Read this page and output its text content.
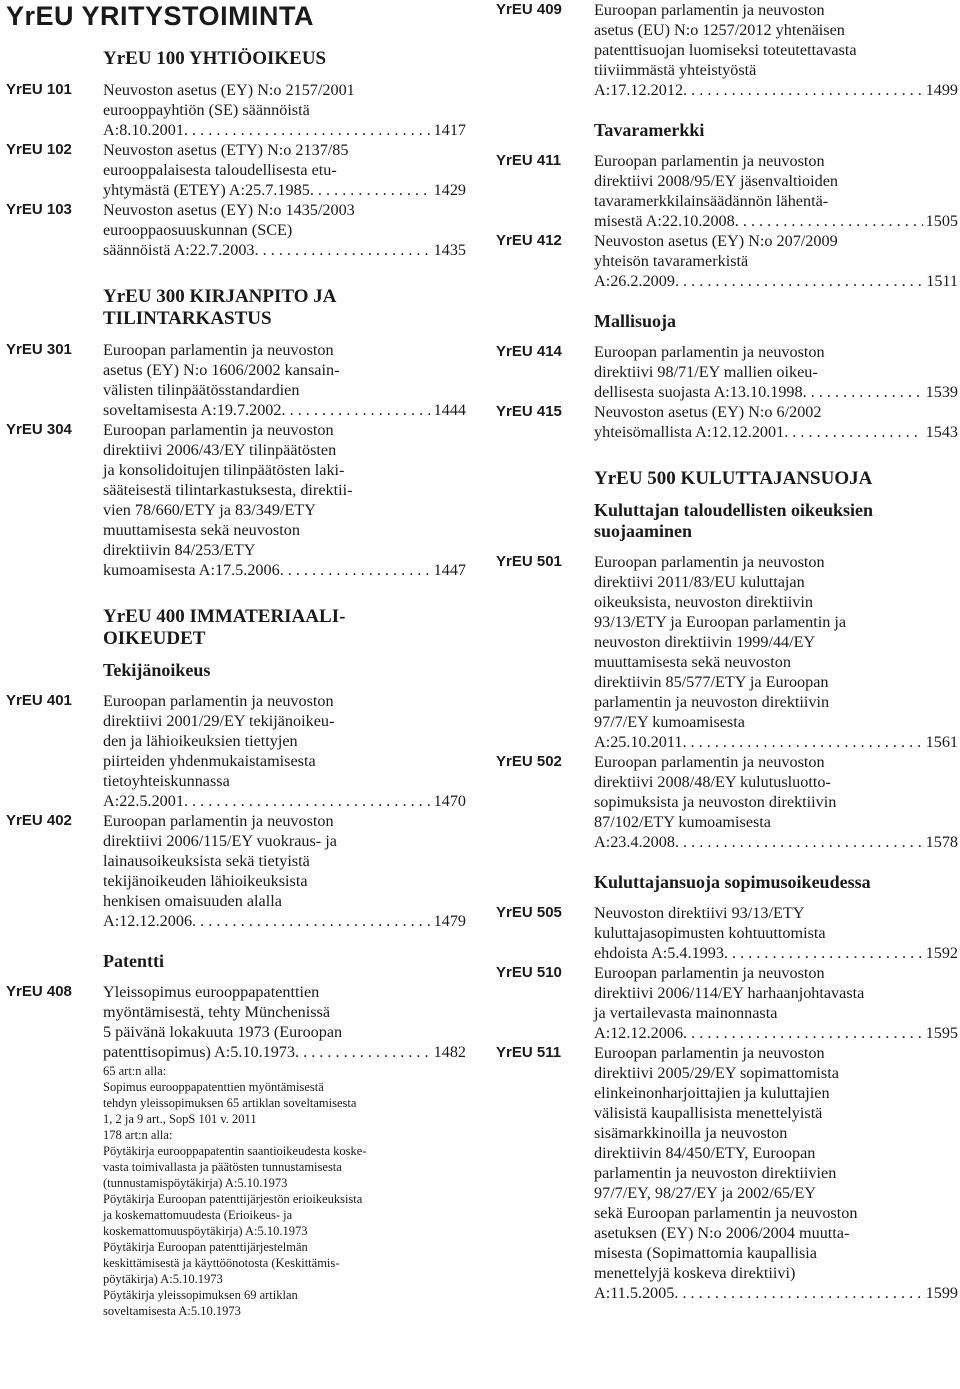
YrEU YRITYSTOIMINTA
YrEU 100 YHTIÖOIKEUS
YrEU 101	Neuvoston asetus (EY) N:o 2157/2001
eurooppayhtiön (SE) säännöistä
A:8.10.2001 . . .	1417
YrEU 102	Neuvoston asetus (ETY) N:o 2137/85
eurooppalaisesta taloudellisesta etu-
yhtymästä (ETEY) A:25.7.1985 . . .	1429
YrEU 103	Neuvoston asetus (EY) N:o 1435/2003
eurooppaosuuskunnan (SCE)
säännöistä A:22.7.2003 . . .	1435
YrEU 300 KIRJANPITO JA
TILINTARKASTUS
YrEU 301	Euroopan parlamentin ja neuvoston
asetus (EY) N:o 1606/2002 kansain-
välisten tilinpäätösstandardien
soveltamisesta A:19.7.2002 . . .	1444
YrEU 304	Euroopan parlamentin ja neuvoston
direktiivi 2006/43/EY tilinpäätösten
ja konsolidoitujen tilinpäätösten laki-
sääteisestä tilintarkastuksesta, direktii-
vien 78/660/ETY ja 83/349/ETY
muuttamisesta sekä neuvoston
direktiivin 84/253/ETY
kumoamisesta A:17.5.2006 . . .	1447
YrEU 400 IMMATERIAALI-
OIKEUDET
Tekijänoikeus
YrEU 401	Euroopan parlamentin ja neuvoston
direktiivi 2001/29/EY tekijänoikeu-
den ja lähioikeuksien tiettyjen
piirteiden yhdenmukaistamisesta
tietoyhteiskunnassa
A:22.5.2001 . . .	1470
YrEU 402	Euroopan parlamentin ja neuvoston
direktiivi 2006/115/EY vuokraus- ja
lainausoikeuksista sekä tietyistä
tekijänoikeuden lähioikeuksista
henkisen omaisuuden alalla
A:12.12.2006 . . .	1479
Patentti
YrEU 408	Yleissopimus eurooppapatenttien
myöntämisestä, tehty Münchenissä
5 päivänä lokakuuta 1973 (Euroopan
patenttisopimus) A:5.10.1973 . . .	1482
65 art:n alla:
Sopimus eurooppapatenttien myöntämisestä
tehdyn yleissopimuksen 65 artiklan soveltamisesta
1, 2 ja 9 art., SopS 101 v. 2011
178 art:n alla:
Pöytäkirja eurooppapatentin saantioikeudesta koske-
vasta toimivallasta ja päätösten tunnustamisesta
(tunnustamispöytäkirja) A:5.10.1973
Pöytäkirja Euroopan patenttijärjestön erioikeuksista
ja koskemattomuudesta (Erioikeus- ja
koskemattomuuspöytäkirja) A:5.10.1973
Pöytäkirja Euroopan patenttijärjestelmän
keskittämisestä ja käyttöönotosta (Keskittämis-
pöytäkirja) A:5.10.1973
Pöytäkirja yleissopimuksen 69 artiklan
soveltamisesta A:5.10.1973
YrEU 409	Euroopan parlamentin ja neuvoston
asetus (EU) N:o 1257/2012 yhtenäisen
patenttisuojan luomiseksi toteutettavasta
tiiviimmästä yhteistyöstä
A:17.12.2012 . . .	1499
Tavaramerkki
YrEU 411	Euroopan parlamentin ja neuvoston
direktiivi 2008/95/EY jäsenvaltioiden
tavaramerkkilainsäädännön lähentä-
misestä A:22.10.2008 . . .	1505
YrEU 412	Neuvoston asetus (EY) N:o 207/2009
yhteisön tavaramerkistä
A:26.2.2009 . . .	1511
Mallisuoja
YrEU 414	Euroopan parlamentin ja neuvoston
direktiivi 98/71/EY mallien oikeu-
dellisesta suojasta A:13.10.1998 . . .	1539
YrEU 415	Neuvoston asetus (EY) N:o 6/2002
yhteisömallista A:12.12.2001 . . .	1543
YrEU 500 KULUTTAJANSUOJA
Kuluttajan taloudellisten oikeuksien
suojaaminen
YrEU 501	Euroopan parlamentin ja neuvoston
direktiivi 2011/83/EU kuluttajan
oikeuksista, neuvoston direktiivin
93/13/ETY ja Euroopan parlamentin ja
neuvoston direktiivin 1999/44/EY
muuttamisesta sekä neuvoston
direktiivin 85/577/ETY ja Euroopan
parlamentin ja neuvoston direktiivin
97/7/EY kumoamisesta
A:25.10.2011 . . .	1561
YrEU 502	Euroopan parlamentin ja neuvoston
direktiivi 2008/48/EY kulutusluotto-
sopimuksista ja neuvoston direktiivin
87/102/ETY kumoamisesta
A:23.4.2008 . . .	1578
Kuluttajansuoja sopimusoikeudessa
YrEU 505	Neuvoston direktiivi 93/13/ETY
kuluttajasopimusten kohtuuttomista
ehdoista A:5.4.1993 . . .	1592
YrEU 510	Euroopan parlamentin ja neuvoston
direktiivi 2006/114/EY harhaanjohtavasta
ja vertailevasta mainonnasta
A:12.12.2006 . . .	1595
YrEU 511	Euroopan parlamentin ja neuvoston
direktiivi 2005/29/EY sopimattomista
elinkeinonharjoittajien ja kuluttajien
välisistä kaupallisista menettelyistä
sisämarkkinoilla ja neuvoston
direktiivin 84/450/ETY, Euroopan
parlamentin ja neuvoston direktiivien
97/7/EY, 98/27/EY ja 2002/65/EY
sekä Euroopan parlamentin ja neuvoston
asetuksen (EY) N:o 2006/2004 muutta-
misesta (Sopimattomia kaupallisia
menettelyjä koskeva direktiivi)
A:11.5.2005 . . .	1599
